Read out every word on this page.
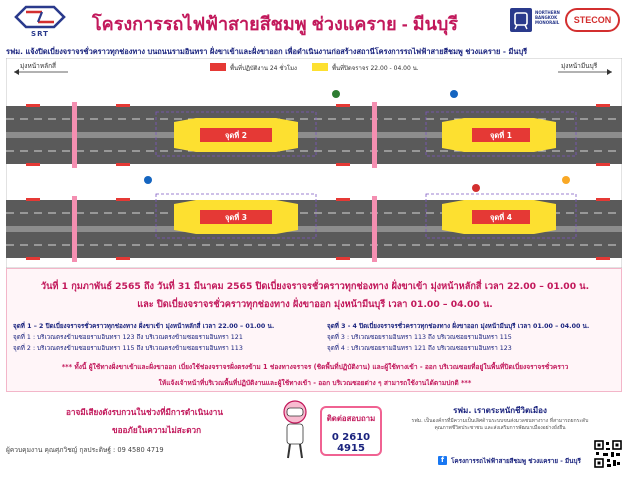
SRT	โครงการรถไฟฟ้าสายสีชมพู ช่วงแคราย - มีนบุรี
NORTHERN BANGKOK MONORAIL	STECON
รฟม. แจ้งปิดเบี่ยงจราจรชั่วคราวทุกช่องทาง บนถนนรามอินทรา ฝั่งขาเข้าและฝั่งขาออก เพื่อดำเนินงานก่อสร้างสถานีโครงการรถไฟฟ้าสายสีชมพู ช่วงแคราย - มีนบุรี
มุ่งหน้าหลักสี่	มุ่งหน้ามีนบุรี
พื้นที่ปฏิบัติงาน 24 ชั่วโมง	พื้นที่ปิดจราจร 22.00 - 04.00 น.
จุดที่ 2	จุดที่ 1
จุดที่ 3	จุดที่ 4
วันที่ 1 กุมภาพันธ์ 2565 ถึง วันที่ 31 มีนาคม 2565 ปิดเบี่ยงจราจรชั่วคราวทุกช่องทาง ฝั่งขาเข้า มุ่งหน้าหลักสี่ เวลา 22.00 – 01.00 น.
และ ปิดเบี่ยงจราจรชั่วคราวทุกช่องทาง ฝั่งขาออก มุ่งหน้ามีนบุรี เวลา 01.00 – 04.00 น.
จุดที่ 1 – 2 ปิดเบี่ยงจราจรชั่วคราวทุกช่องทาง ฝั่งขาเข้า มุ่งหน้าหลักสี่ เวลา 22.00 – 01.00 น.
จุดที่ 1 : บริเวณตรงข้ามซอยรามอินทรา 123 ถึง บริเวณตรงข้ามซอยรามอินทรา 121
จุดที่ 2 : บริเวณตรงข้ามซอยรามอินทรา 115 ถึง บริเวณตรงข้ามซอยรามอินทรา 113
จุดที่ 3 - 4 ปิดเบี่ยงจราจรชั่วคราวทุกช่องทาง ฝั่งขาออก มุ่งหน้ามีนบุรี เวลา 01.00 – 04.00 น.
จุดที่ 3 : บริเวณซอยรามอินทรา 113 ถึง บริเวณซอยรามอินทรา 115
จุดที่ 4 : บริเวณซอยรามอินทรา 121 ถึง บริเวณซอยรามอินทรา 123
*** ทั้งนี้ ผู้ใช้ทางฝั่งขาเข้าและฝั่งขาออก เบี่ยงใช้ช่องจราจรฝั่งตรงข้าม 1 ช่องทางจราจร (ชิดพื้นที่ปฏิบัติงาน) และผู้ใช้ทางเข้า - ออก บริเวณซอยที่อยู่ในพื้นที่ปิดเบี่ยงจราจรชั่วคราว
ให้แจ้งเจ้าหน้าที่บริเวณพื้นที่ปฏิบัติงานและผู้ใช้ทางเข้า - ออก บริเวณซอยต่าง ๆ สามารถใช้งานได้ตามปกติ ***
อาจมีเสียงดังรบกวนในช่วงที่มีการดำเนินงาน
ขออภัยในความไม่สะดวก
ผู้ควบคุมงาน คุณศุภวิชญ์ กุลประดิษฐ์ : 09 4580 4719
ติดต่อสอบถาม
0 2610 4915
รฟม. เราตระหนักชีวิตเมือง
รฟม. เป็นองค์กรที่มีความเป็นเลิศด้านระบบขนส่งมวลชนทางราง ที่สามารถยกระดับคุณภาพชีวิตประชาชน และส่งเสริมการพัฒนาเมืองอย่างยั่งยืน
f	โครงการรถไฟฟ้าสายสีชมพู ช่วงแคราย - มีนบุรี
